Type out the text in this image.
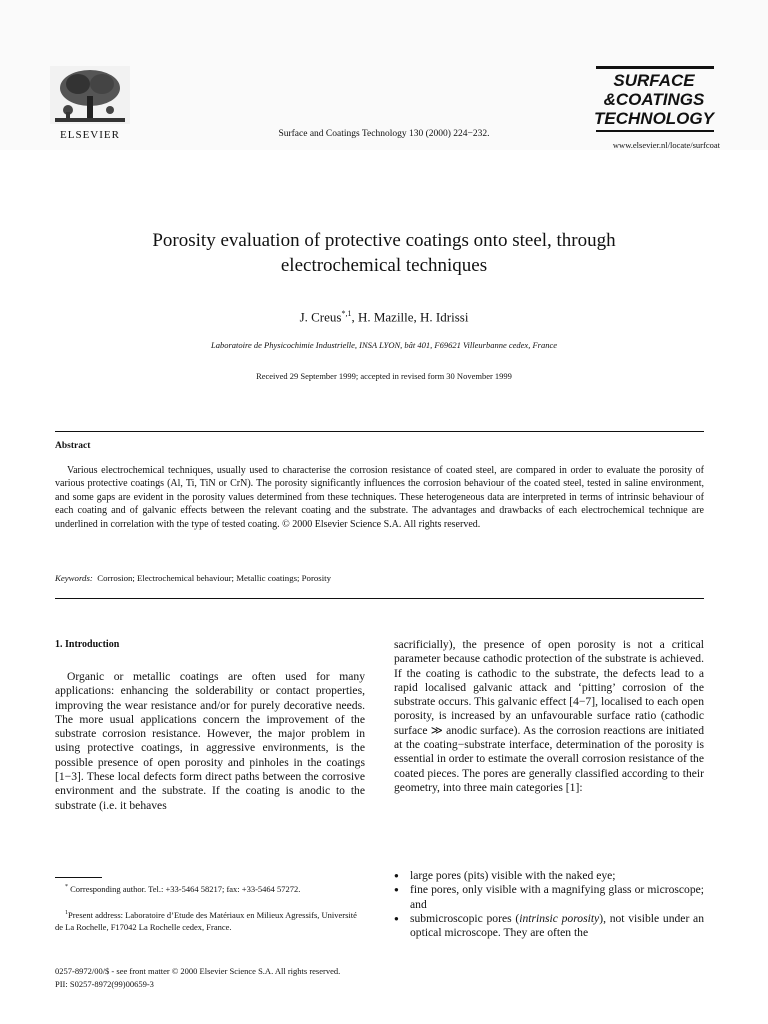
ELSEVIER	Surface and Coatings Technology 130 (2000) 224−232.
SURFACE
&COATINGS
TECHNOLOGY
www.elsevier.nl/locate/surfcoat
Porosity evaluation of protective coatings onto steel, through
electrochemical techniques
J. Creus$^{*,1}$, H. Mazille, H. Idrissi
Laboratoire de Physicochimie Industrielle, INSA LYON, bât 401, F69621 Villeurbanne cedex, France
Received 29 September 1999; accepted in revised form 30 November 1999
Abstract
Various electrochemical techniques, usually used to characterise the corrosion resistance of coated steel, are compared in order to evaluate the porosity of various protective coatings (Al, Ti, TiN or CrN). The porosity significantly influences the corrosion behaviour of the coated steel, tested in saline environment, and some gaps are evident in the porosity values determined from these techniques. These heterogeneous data are interpreted in terms of intrinsic behaviour of each coating and of galvanic effects between the relevant coating and the substrate. The advantages and drawbacks of each electrochemical technique are underlined in correlation with the type of tested coating. © 2000 Elsevier Science S.A. All rights reserved.
Keywords: Corrosion; Electrochemical behaviour; Metallic coatings; Porosity
1. Introduction
Organic or metallic coatings are often used for many applications: enhancing the solderability or contact properties, improving the wear resistance and/or for purely decorative needs. The more usual applications concern the improvement of the substrate corrosion resistance. However, the major problem in using protective coatings, in aggressive environments, is the possible presence of open porosity and pinholes in the coatings [1−3]. These local defects form direct paths between the corrosive environment and the substrate. If the coating is anodic to the substrate (i.e. it behaves
sacrificially), the presence of open porosity is not a critical parameter because cathodic protection of the substrate is achieved. If the coating is cathodic to the substrate, the defects lead to a rapid localised galvanic attack and ‘pitting’ corrosion of the substrate occurs. This galvanic effect [4−7], localised to each open porosity, is increased by an unfavourable surface ratio (cathodic surface ≫ anodic surface). As the corrosion reactions are initiated at the coating−substrate interface, determination of the porosity is essential in order to estimate the overall corrosion resistance of the coated pieces. The pores are generally classified according to their geometry, into three main categories [1]:
● large pores (pits) visible with the naked eye;
● fine pores, only visible with a magnifying glass or microscope; and
● submicroscopic pores (intrinsic porosity), not visible under an optical microscope. They are often the
* Corresponding author. Tel.: +33-5464 58217; fax: +33-5464 57272.
$^1$Present address: Laboratoire d’Etude des Matériaux en Milieux Agressifs, Université de La Rochelle, F17042 La Rochelle cedex, France.
0257-8972/00/$ - see front matter © 2000 Elsevier Science S.A. All rights reserved.
PII: S0257-8972(99)00659-3
